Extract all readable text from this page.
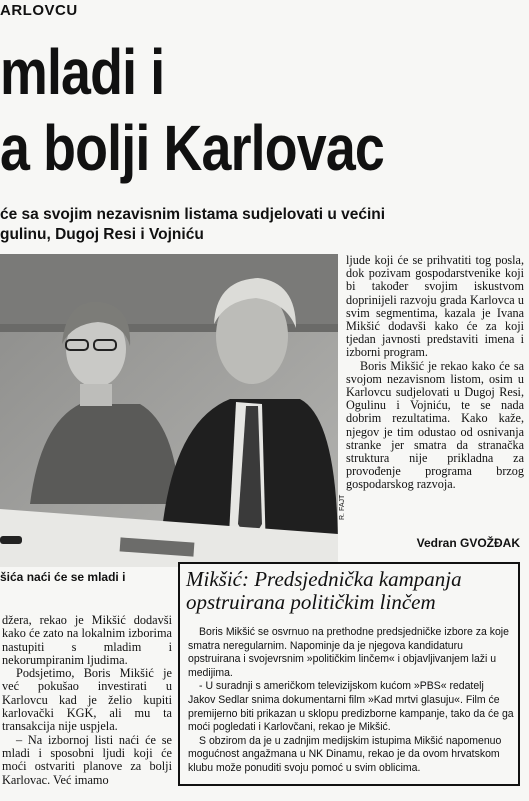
ARLOVCU
mladi i
a bolji Karlovac
će sa svojim nezavisnim listama sudjelovati u većini
gulinu, Dugoj Resi i Vojniću
R. FAJT

ljude koji će se prihvatiti tog posla, dok pozivam gospodarstvenike koji bi također svojim iskustvom doprinijeli razvoju grada Karlovca u svim segmentima, kazala je Ivana Mikšić dodavši kako će za koji tjedan javnosti predstaviti imena i izborni program.

Boris Mikšić je rekao kako će sa svojom nezavisnom listom, osim u Karlovcu sudjelovati u Dugoj Resi, Ogulinu i Vojniću, te se nada dobrim rezultatima. Kako kaže, njegov je tim odustao od osnivanja stranke jer smatra da stranačka struktura nije prikladna za provođenje programa brzog gospodarskog razvoja.

Vedran GVOŽĐAK
šića naći će se mladi i

džera, rekao je Mikšić dodavši kako će zato na lokalnim izborima nastupiti s mladim i nekorumpiranim ljudima.

Podsjetimo, Boris Mikšić je već pokušao investirati u Karlovcu kad je želio kupiti karlovački KGK, ali mu ta transakcija nije uspjela.

– Na izbornoj listi naći će se mladi i sposobni ljudi koji će moći ostvariti planove za bolji Karlovac. Već imamo

Mikšić: Predsjednička kampanja opstruirana političkim linčem

Boris Mikšić se osvrnuo na prethodne predsjedničke izbore za koje smatra neregularnim. Napominje da je njegova kandidaturu opstruirana i svojevrsnim »političkim linčem« i objavljivanjem laži u medijima.

- U suradnji s američkom televizijskom kućom »PBS« redatelj Jakov Sedlar snima dokumentarni film »Kad mrtvi glasuju«. Film će premijerno biti prikazan u sklopu predizborne kampanje, tako da će ga moći pogledati i Karlovčani, rekao je Mikšić.

S obzirom da je u zadnjim medijskim istupima Mikšić napomenuo mogućnost angažmana u NK Dinamu, rekao je da ovom hrvatskom klubu može ponuditi svoju pomoć u svim oblicima.
